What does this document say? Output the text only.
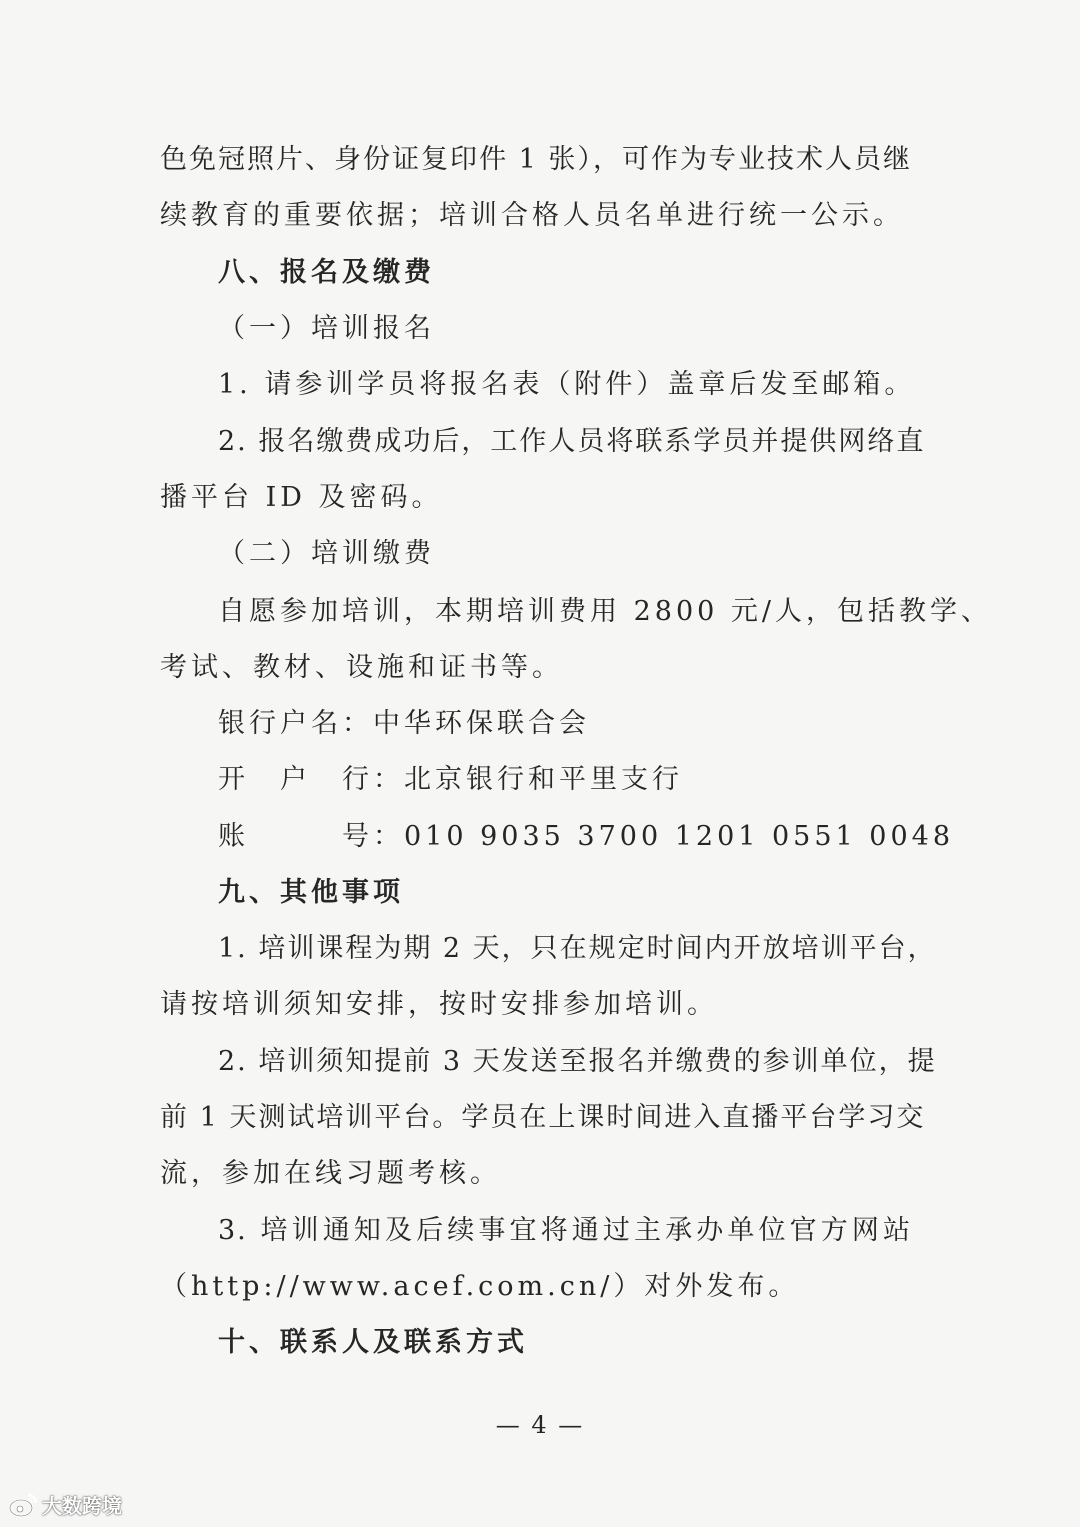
色免冠照片、身份证复印件 1 张），可作为专业技术人员继
续教育的重要依据；培训合格人员名单进行统一公示。
八、报名及缴费
（一）培训报名
1. 请参训学员将报名表（附件）盖章后发至邮箱。
2. 报名缴费成功后，工作人员将联系学员并提供网络直
播平台 ID 及密码。
（二）培训缴费
自愿参加培训，本期培训费用 2800 元/人，包括教学、
考试、教材、设施和证书等。
银行户名：中华环保联合会
开　户　行：北京银行和平里支行
账　　　号：010 9035 3700 1201 0551 0048
九、其他事项
1. 培训课程为期 2 天，只在规定时间内开放培训平台，
请按培训须知安排，按时安排参加培训。
2. 培训须知提前 3 天发送至报名并缴费的参训单位，提
前 1 天测试培训平台。学员在上课时间进入直播平台学习交
流，参加在线习题考核。
3. 培训通知及后续事宜将通过主承办单位官方网站
（http://www.acef.com.cn/）对外发布。
十、联系人及联系方式
— 4 —
大数跨境
